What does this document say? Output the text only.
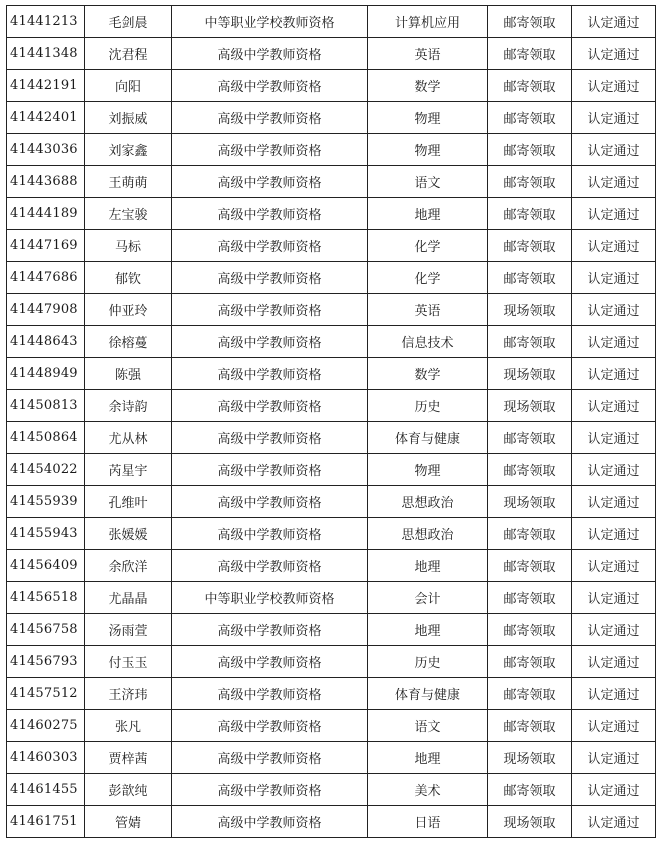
41441213	毛剑晨	中等职业学校教师资格	计算机应用	邮寄领取	认定通过
41441348	沈君程	高级中学教师资格	英语	邮寄领取	认定通过
41442191	向阳	高级中学教师资格	数学	邮寄领取	认定通过
41442401	刘振威	高级中学教师资格	物理	邮寄领取	认定通过
41443036	刘家鑫	高级中学教师资格	物理	邮寄领取	认定通过
41443688	王萌萌	高级中学教师资格	语文	邮寄领取	认定通过
41444189	左宝骏	高级中学教师资格	地理	邮寄领取	认定通过
41447169	马标	高级中学教师资格	化学	邮寄领取	认定通过
41447686	郁钦	高级中学教师资格	化学	邮寄领取	认定通过
41447908	仲亚玲	高级中学教师资格	英语	现场领取	认定通过
41448643	徐榕蔓	高级中学教师资格	信息技术	邮寄领取	认定通过
41448949	陈强	高级中学教师资格	数学	现场领取	认定通过
41450813	余诗韵	高级中学教师资格	历史	现场领取	认定通过
41450864	尤从林	高级中学教师资格	体育与健康	邮寄领取	认定通过
41454022	芮星宇	高级中学教师资格	物理	邮寄领取	认定通过
41455939	孔维叶	高级中学教师资格	思想政治	现场领取	认定通过
41455943	张媛媛	高级中学教师资格	思想政治	邮寄领取	认定通过
41456409	余欣洋	高级中学教师资格	地理	邮寄领取	认定通过
41456518	尤晶晶	中等职业学校教师资格	会计	邮寄领取	认定通过
41456758	汤雨萱	高级中学教师资格	地理	邮寄领取	认定通过
41456793	付玉玉	高级中学教师资格	历史	邮寄领取	认定通过
41457512	王济玮	高级中学教师资格	体育与健康	邮寄领取	认定通过
41460275	张凡	高级中学教师资格	语文	邮寄领取	认定通过
41460303	贾梓茜	高级中学教师资格	地理	现场领取	认定通过
41461455	彭歆纯	高级中学教师资格	美术	邮寄领取	认定通过
41461751	管婧	高级中学教师资格	日语	现场领取	认定通过
